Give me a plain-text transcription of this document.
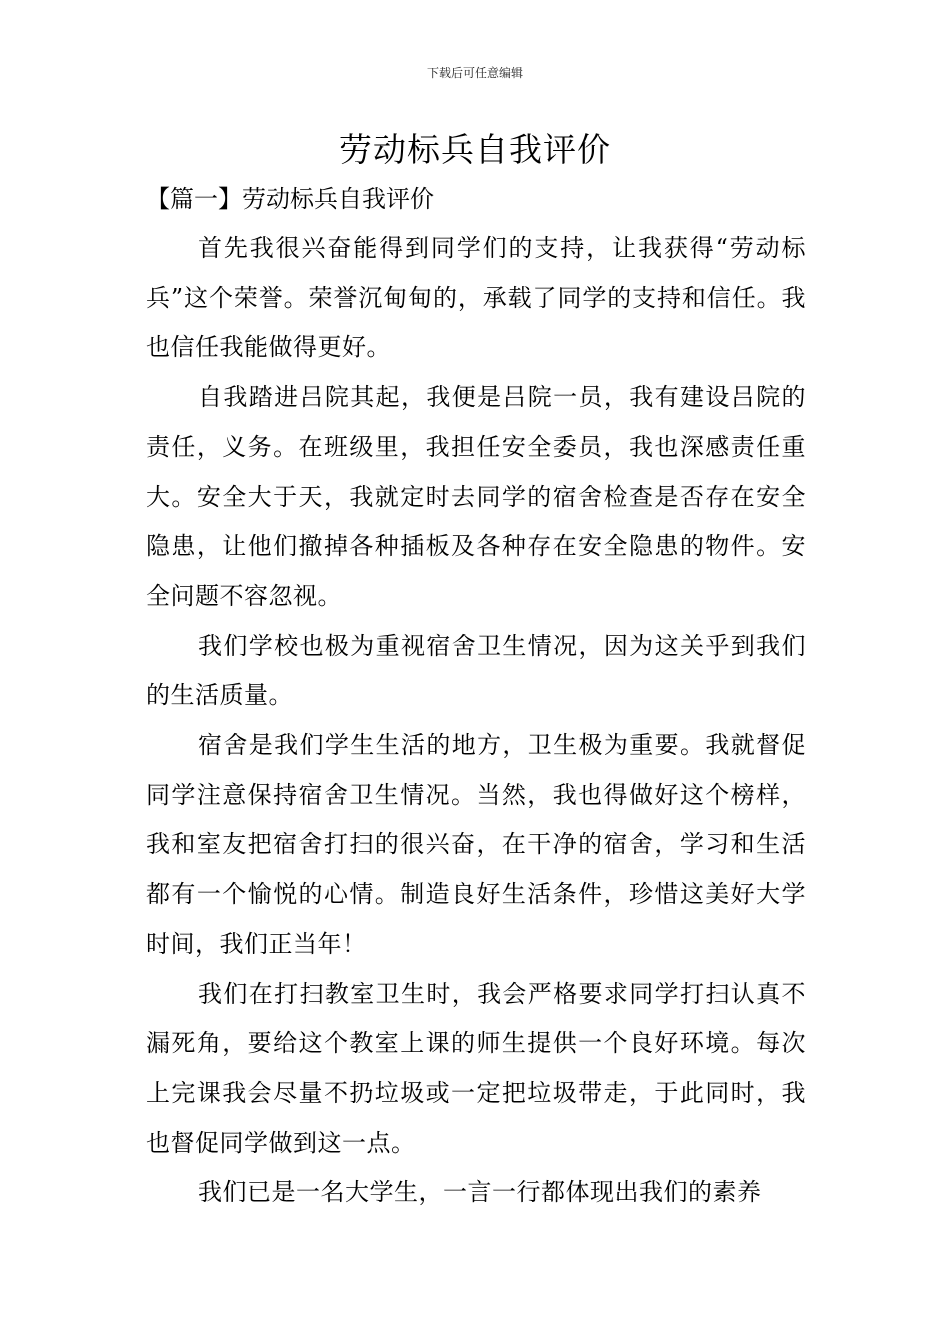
下载后可任意编辑
劳动标兵自我评价
【篇一】劳动标兵自我评价

首先我很兴奋能得到同学们的支持，让我获得“劳动标兵”这个荣誉。荣誉沉甸甸的，承载了同学的支持和信任。我也信任我能做得更好。

自我踏进吕院其起，我便是吕院一员，我有建设吕院的责任，义务。在班级里，我担任安全委员，我也深感责任重大。安全大于天，我就定时去同学的宿舍检查是否存在安全隐患，让他们撤掉各种插板及各种存在安全隐患的物件。安全问题不容忽视。

我们学校也极为重视宿舍卫生情况，因为这关乎到我们的生活质量。

宿舍是我们学生生活的地方，卫生极为重要。我就督促同学注意保持宿舍卫生情况。当然，我也得做好这个榜样，我和室友把宿舍打扫的很兴奋，在干净的宿舍，学习和生活都有一个愉悦的心情。制造良好生活条件，珍惜这美好大学时间，我们正当年！

我们在打扫教室卫生时，我会严格要求同学打扫认真不漏死角，要给这个教室上课的师生提供一个良好环境。每次上完课我会尽量不扔垃圾或一定把垃圾带走，于此同时，我也督促同学做到这一点。

我们已是一名大学生，一言一行都体现出我们的素养
